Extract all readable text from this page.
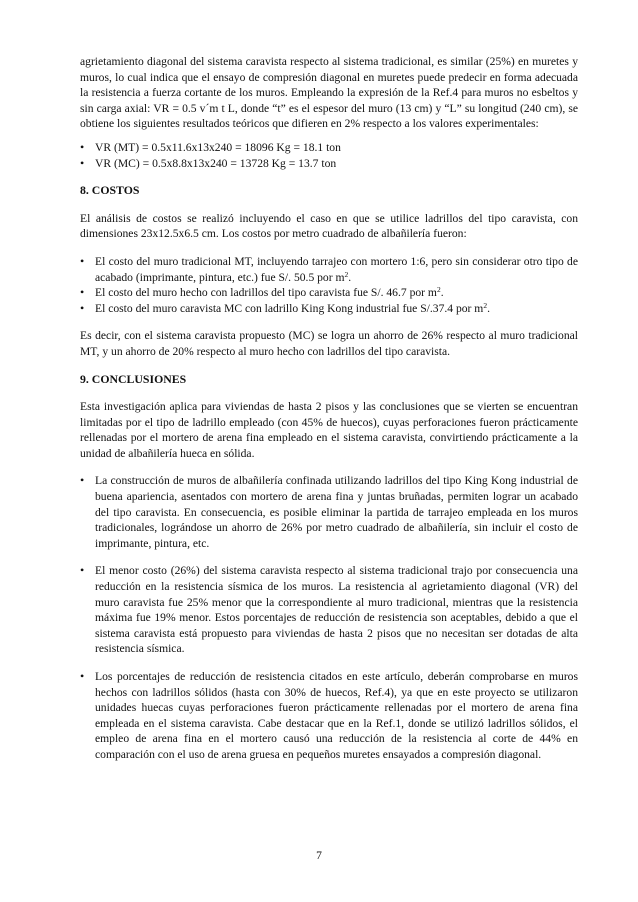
agrietamiento diagonal del sistema caravista respecto al sistema tradicional, es similar (25%) en muretes y muros, lo cual indica que el ensayo de compresión diagonal en muretes puede predecir en forma adecuada la resistencia a fuerza cortante de los muros. Empleando la expresión de la Ref.4 para muros no esbeltos y sin carga axial: VR = 0.5 v´m t L, donde “t” es el espesor del muro (13 cm) y “L” su longitud (240 cm), se obtiene los siguientes resultados teóricos que difieren en 2% respecto a los valores experimentales:

• VR (MT) = 0.5x11.6x13x240 = 18096 Kg = 18.1 ton
• VR (MC) = 0.5x8.8x13x240 = 13728 Kg = 13.7 ton
8. COSTOS

El análisis de costos se realizó incluyendo el caso en que se utilice ladrillos del tipo caravista, con dimensiones 23x12.5x6.5 cm. Los costos por metro cuadrado de albañilería fueron:

• El costo del muro tradicional MT, incluyendo tarrajeo con mortero 1:6, pero sin considerar otro tipo de acabado (imprimante, pintura, etc.) fue S/. 50.5 por $m^2$.
• El costo del muro hecho con ladrillos del tipo caravista fue S/. 46.7 por $m^2$.
• El costo del muro caravista MC con ladrillo King Kong industrial fue S/.37.4 por $m^2$.

Es decir, con el sistema caravista propuesto (MC) se logra un ahorro de 26% respecto al muro tradicional MT, y un ahorro de 20% respecto al muro hecho con ladrillos del tipo caravista.

9. CONCLUSIONES

Esta investigación aplica para viviendas de hasta 2 pisos y las conclusiones que se vierten se encuentran limitadas por el tipo de ladrillo empleado (con 45% de huecos), cuyas perforaciones fueron prácticamente rellenadas por el mortero de arena fina empleado en el sistema caravista, convirtiendo prácticamente a la unidad de albañilería hueca en sólida.

• La construcción de muros de albañilería confinada utilizando ladrillos del tipo King Kong industrial de buena apariencia, asentados con mortero de arena fina y juntas bruñadas, permiten lograr un acabado del tipo caravista. En consecuencia, es posible eliminar la partida de tarrajeo empleada en los muros tradicionales, lográndose un ahorro de 26% por metro cuadrado de albañilería, sin incluir el costo de imprimante, pintura, etc.
• El menor costo (26%) del sistema caravista respecto al sistema tradicional trajo por consecuencia una reducción en la resistencia sísmica de los muros. La resistencia al agrietamiento diagonal (VR) del muro caravista fue 25% menor que la correspondiente al muro tradicional, mientras que la resistencia máxima fue 19% menor. Estos porcentajes de reducción de resistencia son aceptables, debido a que el sistema caravista está propuesto para viviendas de hasta 2 pisos que no necesitan ser dotadas de alta resistencia sísmica.
• Los porcentajes de reducción de resistencia citados en este artículo, deberán comprobarse en muros hechos con ladrillos sólidos (hasta con 30% de huecos, Ref.4), ya que en este proyecto se utilizaron unidades huecas cuyas perforaciones fueron prácticamente rellenadas por el mortero de arena fina empleada en el sistema caravista. Cabe destacar que en la Ref.1, donde se utilizó ladrillos sólidos, el empleo de arena fina en el mortero causó una reducción de la resistencia al corte de 44% en comparación con el uso de arena gruesa en pequeños muretes ensayados a compresión diagonal.
7
